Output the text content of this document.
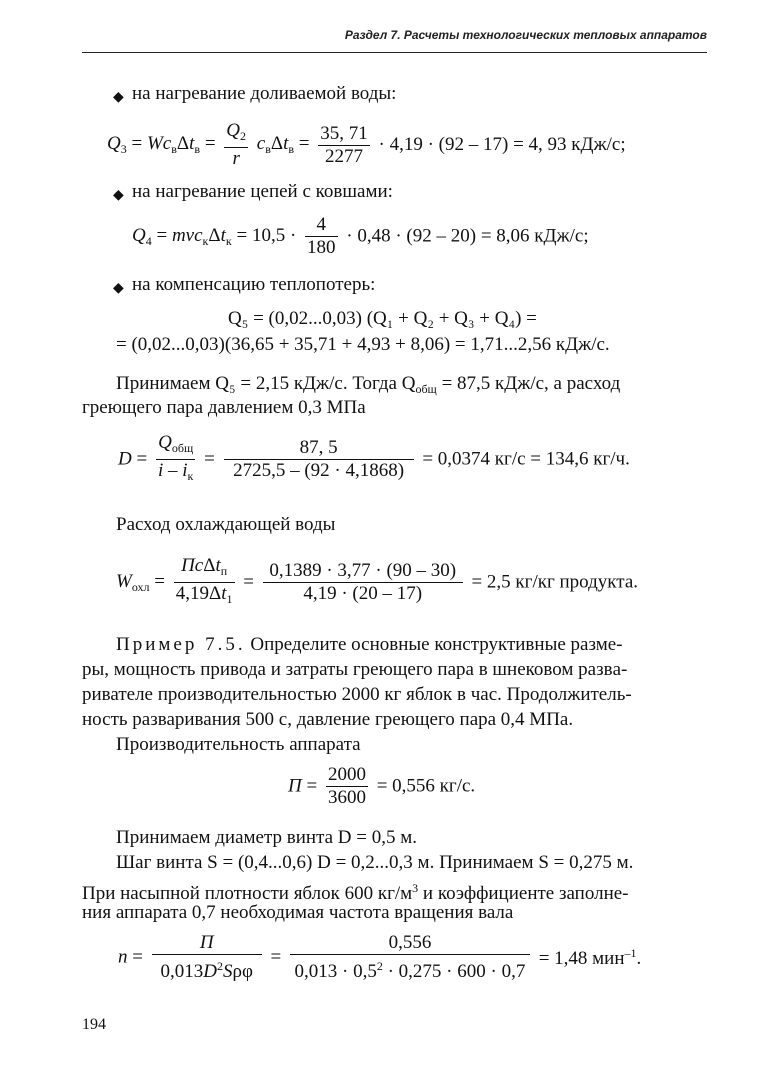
Раздел 7. Расчеты технологических тепловых аппаратов
◆ на нагревание доливаемой воды:
$Q_3 = Wc_в\Delta t_в = \frac{Q_2}{r} c_в\Delta t_в = \frac{35, 71}{2277} \cdot 4,19 \cdot (92 - 17) = 4$, 93 кДж/с;
◆ на нагревание цепей с ковшами:
$Q_4 = mvc_к\Delta t_к = 10,5 \cdot \frac{4}{180} \cdot 0,48 \cdot (92 - 20) = 8,06$ кДж/с;
◆ на компенсацию теплопотерь:
Q₅ = (0,02...0,03) (Q₁ + Q₂ + Q₃ + Q₄) =
= (0,02...0,03)(36,65 + 35,71 + 4,93 + 8,06) = 1,71...2,56 кДж/с.
Принимаем Q₅ = 2,15 кДж/с. Тогда $Q_{общ} = 87,5$ кДж/с, а расход
греющего пара давлением 0,3 МПа
$D = \frac{Q_{общ}}{i - i_к} = \frac{87, 5}{2725,5 - (92 \cdot 4,1868)} = 0,0374$ кг/с = 134,6 кг/ч.
Расход охлаждающей воды
$W_{охл} = \frac{Пc\Delta t_п}{4,19\Delta t_1} = \frac{0,1389 \cdot 3,77 \cdot (90 - 30)}{4,19 \cdot (20 - 17)} = 2,5$ кг/кг продукта.
Пример 7.5. Определите основные конструктивные разме-
ры, мощность привода и затраты греющего пара в шнековом развa-
ривателе производительностью 2000 кг яблок в час. Продолжитель-
ность разваривания 500 с, давление греющего пара 0,4 МПа.
Производительность аппарата
$П = \frac{2000}{3600} = 0,556$ кг/с.
Принимаем диаметр винта D = 0,5 м.
Шаг винта S = (0,4...0,6) D = 0,2...0,3 м. Принимаем S = 0,275 м.
При насыпной плотности яблок 600 $кг/м^3$ и коэффициенте заполне-
ния аппарата 0,7 необходимая частота вращения вала
$n = \frac{П}{0,013D^2S\rho\varphi} = \frac{0,556}{0,013 \cdot 0,5^2 \cdot 0,275 \cdot 600 \cdot 0,7} = 1,48$ мин$^{-1}$.
194
